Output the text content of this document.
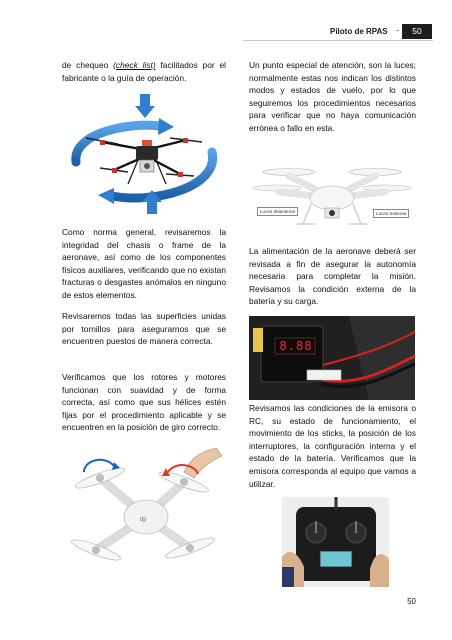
Piloto de RPAS -	50
de chequeo (check list) facilitados por el fabricante o la guía de operación.
Como norma general, revisaremos la integridad del chasis o frame de la aeronave, así como de los componentes físicos auxiliares, verificando que no existan fracturas o desgastes anómalos en ninguno de estos elementos.
Revisaremos todas las superficies unidas por tornillos para asegurarnos que se encuentren puestos de manera correcta.
Verificamos que los rotores y motores funcionan con suavidad y de forma correcta, así como que sus hélices estén fijas por el procedimiento aplicable y se encuentren en la posición de giro correcto.
dji
Un punto especial de atención, son la luces; normalmente estas nos indican los distintos modos y estados de vuelo, por lo que seguiremos los procedimientos necesarios para verificar que no haya comunicación errónea o fallo en esta.
Luces delanteras	Luces traseras
La alimentación de la aeronave deberá ser revisada a fin de asegurar la autonomía necesaria para completar la misión. Revisamos la condición externa de la batería y su carga.
8.88
Revisamos las condiciones de la emisora o RC, su estado de funcionamiento, el movimiento de los sticks, la posición de los interruptores, la configuración interna y el estado de la batería. Verificamos que la emisora corresponda al equipo que vamos a utilizar.
50
